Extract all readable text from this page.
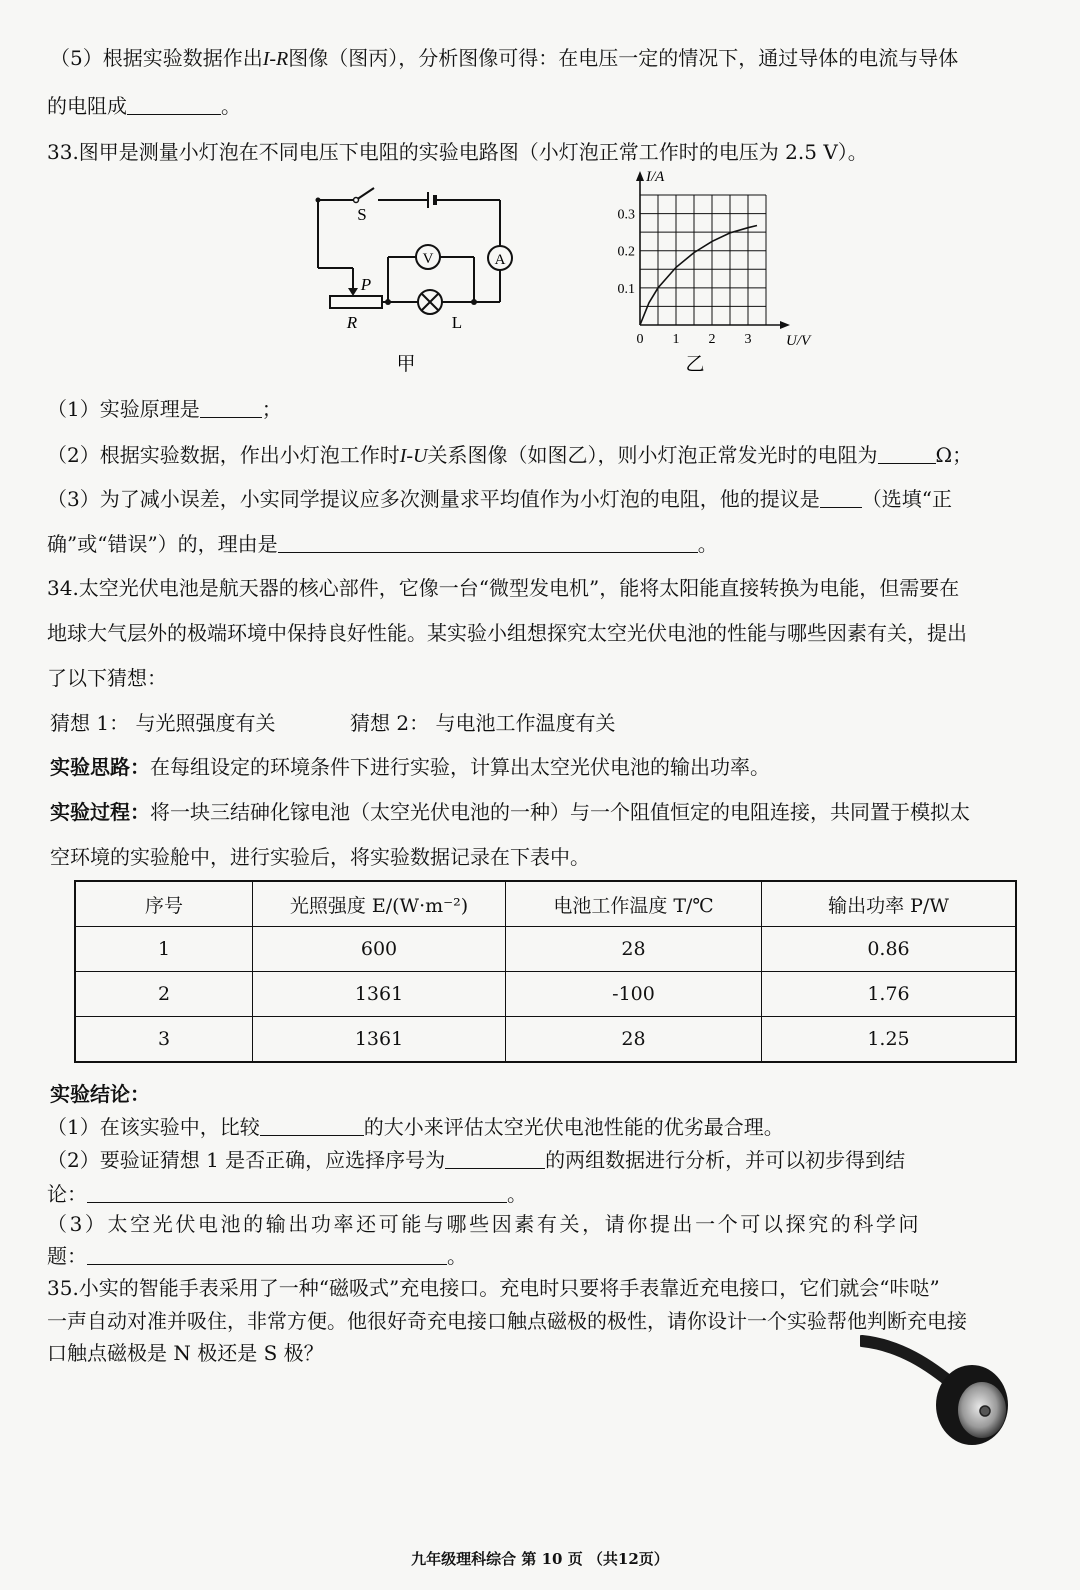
（5）根据实验数据作出I-R图像（图丙），分析图像可得：在电压一定的情况下，通过导体的电流与导体
的电阻成	。
33.图甲是测量小灯泡在不同电压下电阻的实验电路图（小灯泡正常工作时的电压为 2.5 V）。
S
V	A
P
R	L
甲
0 1 2 3
0.1
0.2
0.3
I/A
U/V
乙
（1）实验原理是	；
（2）根据实验数据，作出小灯泡工作时I-U关系图像（如图乙），则小灯泡正常发光时的电阻为	Ω；
（3）为了减小误差，小实同学提议应多次测量求平均值作为小灯泡的电阻，他的提议是 （选填“正
确”或“错误”）的，理由是	。
34.太空光伏电池是航天器的核心部件，它像一台“微型发电机”，能将太阳能直接转换为电能，但需要在
地球大气层外的极端环境中保持良好性能。某实验小组想探究太空光伏电池的性能与哪些因素有关，提出
了以下猜想：
猜想 1： 与光照强度有关	猜想 2： 与电池工作温度有关
实验思路：在每组设定的环境条件下进行实验，计算出太空光伏电池的输出功率。
实验过程：将一块三结砷化镓电池（太空光伏电池的一种）与一个阻值恒定的电阻连接，共同置于模拟太
空环境的实验舱中，进行实验后，将实验数据记录在下表中。
序号	光照强度 E/(W·m⁻²)	电池工作温度 T/℃	输出功率 P/W
1	600	28	0.86
2	1361	-100	1.76
3	1361	28	1.25
实验结论：
（1）在该实验中，比较	的大小来评估太空光伏电池性能的优劣最合理。
（2）要验证猜想 1 是否正确，应选择序号为	的两组数据进行分析，并可以初步得到结
论：	。
（3）太空光伏电池的输出功率还可能与哪些因素有关，请你提出一个可以探究的科学问
题：	。
35.小实的智能手表采用了一种“磁吸式”充电接口。充电时只要将手表靠近充电接口，它们就会“咔哒”
一声自动对准并吸住，非常方便。他很好奇充电接口触点磁极的极性，请你设计一个实验帮他判断充电接
口触点磁极是 N 极还是 S 极？
九年级理科综合 第 10 页 （共12页）
